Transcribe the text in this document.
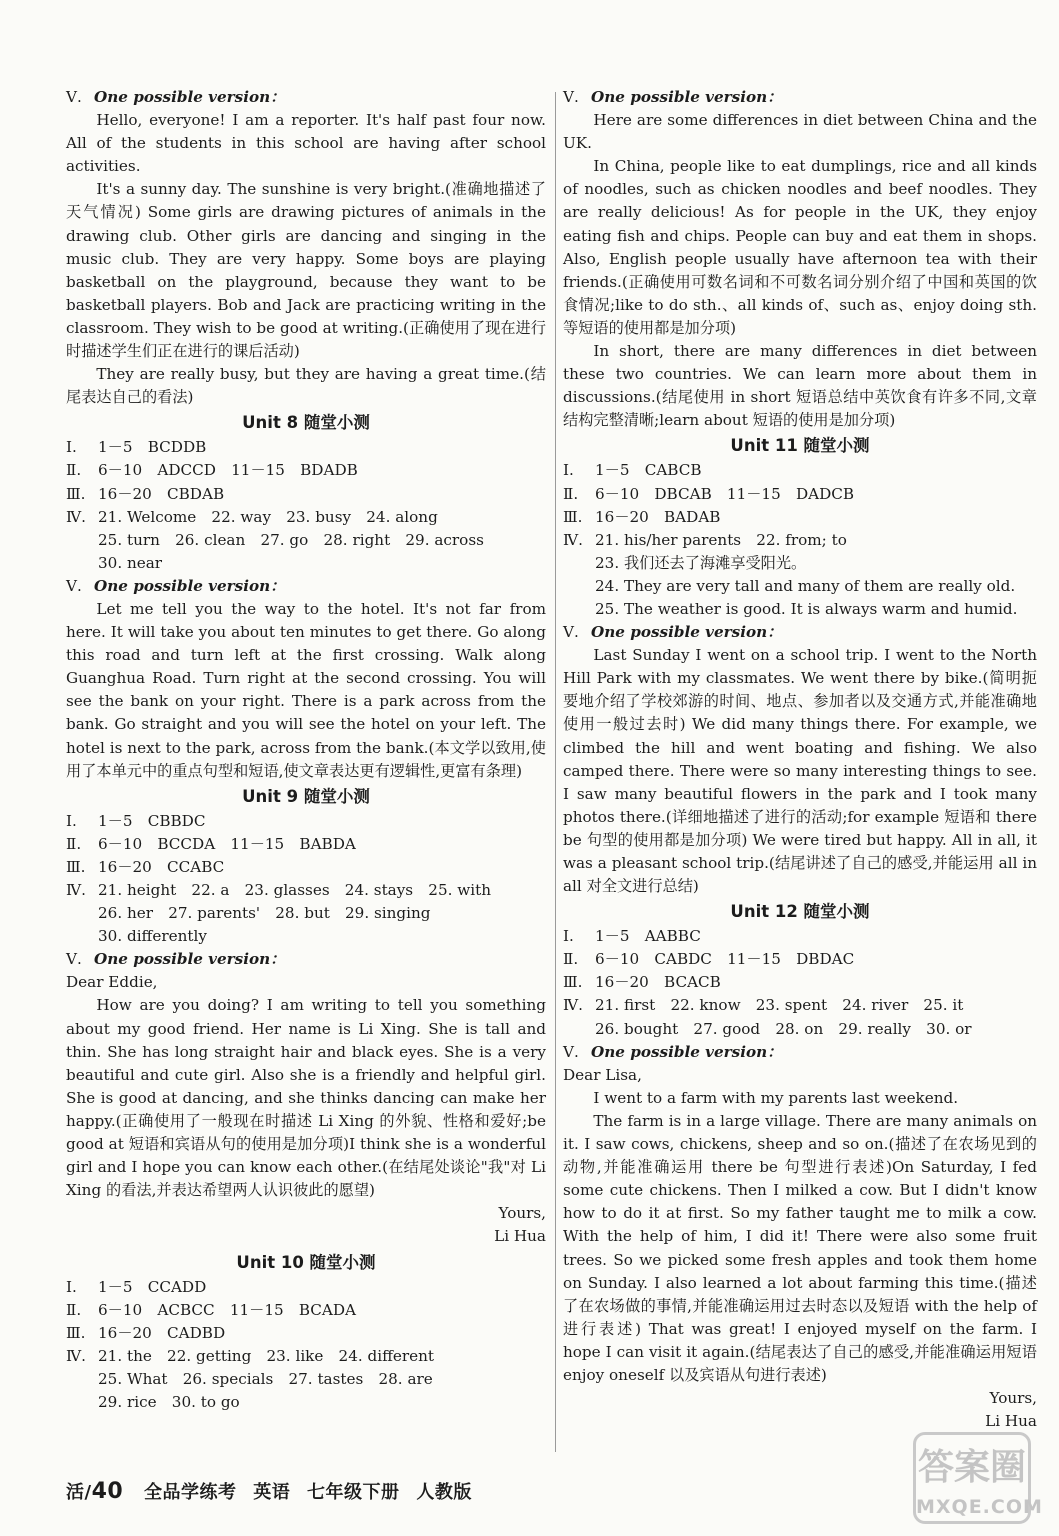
Ⅴ. One possible version：

Hello, everyone! I am a reporter. It's half past four now. All of the students in this school are having after school activities.

It's a sunny day. The sunshine is very bright.(准确地描述了天气情况) Some girls are drawing pictures of animals in the drawing club. Other girls are dancing and singing in the music club. They are very happy. Some boys are playing basketball on the playground, because they want to be basketball players. Bob and Jack are practicing writing in the classroom. They wish to be good at writing.(正确使用了现在进行时描述学生们正在进行的课后活动)

They are really busy, but they are having a great time.(结尾表达自己的看法)

Unit 8 随堂小测

Ⅰ. 1－5　BCDDB

Ⅱ. 6－10　ADCCD　11－15　BDADB

Ⅲ. 16－20　CBDAB

Ⅳ. 21. Welcome　22. way　23. busy　24. along

25. turn　26. clean　27. go　28. right　29. across

30. near

Ⅴ. One possible version：

Let me tell you the way to the hotel. It's not far from here. It will take you about ten minutes to get there. Go along this road and turn left at the first crossing. Walk along Guanghua Road. Turn right at the second crossing. You will see the bank on your right. There is a park across from the bank. Go straight and you will see the hotel on your left. The hotel is next to the park, across from the bank.(本文学以致用,使用了本单元中的重点句型和短语,使文章表达更有逻辑性,更富有条理)

Unit 9 随堂小测

Ⅰ. 1－5　CBBDC

Ⅱ. 6－10　BCCDA　11－15　BABDA

Ⅲ. 16－20　CCABC

Ⅳ. 21. height　22. a　23. glasses　24. stays　25. with

26. her　27. parents'　28. but　29. singing

30. differently

Ⅴ. One possible version：

Dear Eddie,

How are you doing? I am writing to tell you something about my good friend. Her name is Li Xing. She is tall and thin. She has long straight hair and black eyes. She is a very beautiful and cute girl. Also she is a friendly and helpful girl. She is good at dancing, and she thinks dancing can make her happy.(正确使用了一般现在时描述 Li Xing 的外貌、性格和爱好;be good at 短语和宾语从句的使用是加分项)I think she is a wonderful girl and I hope you can know each other.(在结尾处谈论"我"对 Li Xing 的看法,并表达希望两人认识彼此的愿望)

Yours,

Li Hua

Unit 10 随堂小测

Ⅰ. 1－5　CCADD

Ⅱ. 6－10　ACBCC　11－15　BCADA

Ⅲ. 16－20　CADBD

Ⅳ. 21. the　22. getting　23. like　24. different

25. What　26. specials　27. tastes　28. are

29. rice　30. to go

Ⅴ. One possible version：

Here are some differences in diet between China and the UK.

In China, people like to eat dumplings, rice and all kinds of noodles, such as chicken noodles and beef noodles. They are really delicious! As for people in the UK, they enjoy eating fish and chips. People can buy and eat them in shops. Also, English people usually have afternoon tea with their friends.(正确使用可数名词和不可数名词分别介绍了中国和英国的饮食情况;like to do sth.、all kinds of、such as、enjoy doing sth.等短语的使用都是加分项)

In short, there are many differences in diet between these two countries. We can learn more about them in discussions.(结尾使用 in short 短语总结中英饮食有许多不同,文章结构完整清晰;learn about 短语的使用是加分项)

Unit 11 随堂小测

Ⅰ. 1－5　CABCB

Ⅱ. 6－10　DBCAB　11－15　DADCB

Ⅲ. 16－20　BADAB

Ⅳ. 21. his/her parents　22. from; to

23. 我们还去了海滩享受阳光。

24. They are very tall and many of them are really old.

25. The weather is good. It is always warm and humid.

Ⅴ. One possible version：

Last Sunday I went on a school trip. I went to the North Hill Park with my classmates. We went there by bike.(简明扼要地介绍了学校郊游的时间、地点、参加者以及交通方式,并能准确地使用一般过去时) We did many things there. For example, we climbed the hill and went boating and fishing. We also camped there. There were so many interesting things to see. I saw many beautiful flowers in the park and I took many photos there.(详细地描述了进行的活动;for example 短语和 there be 句型的使用都是加分项) We were tired but happy. All in all, it was a pleasant school trip.(结尾讲述了自己的感受,并能运用 all in all 对全文进行总结)

Unit 12 随堂小测

Ⅰ. 1－5　AABBC

Ⅱ. 6－10　CABDC　11－15　DBDAC

Ⅲ. 16－20　BCACB

Ⅳ. 21. first　22. know　23. spent　24. river　25. it

26. bought　27. good　28. on　29. really　30. or

Ⅴ. One possible version：

Dear Lisa,

I went to a farm with my parents last weekend.

The farm is in a large village. There are many animals on it. I saw cows, chickens, sheep and so on.(描述了在农场见到的动物,并能准确运用 there be 句型进行表述)On Saturday, I fed some cute chickens. Then I milked a cow. But I didn't know how to do it at first. So my father taught me to milk a cow. With the help of him, I did it! There were also some fruit trees. So we picked some fresh apples and took them home on Sunday. I also learned a lot about farming this time.(描述了在农场做的事情,并能准确运用过去时态以及短语 with the help of 进行表述) That was great! I enjoyed myself on the farm. I hope I can visit it again.(结尾表达了自己的感受,并能准确运用短语 enjoy oneself 以及宾语从句进行表述)

Yours,

Li Hua

活/40 全品学练考 英语 七年级下册 人教版
答案圈
MXQE.COM
